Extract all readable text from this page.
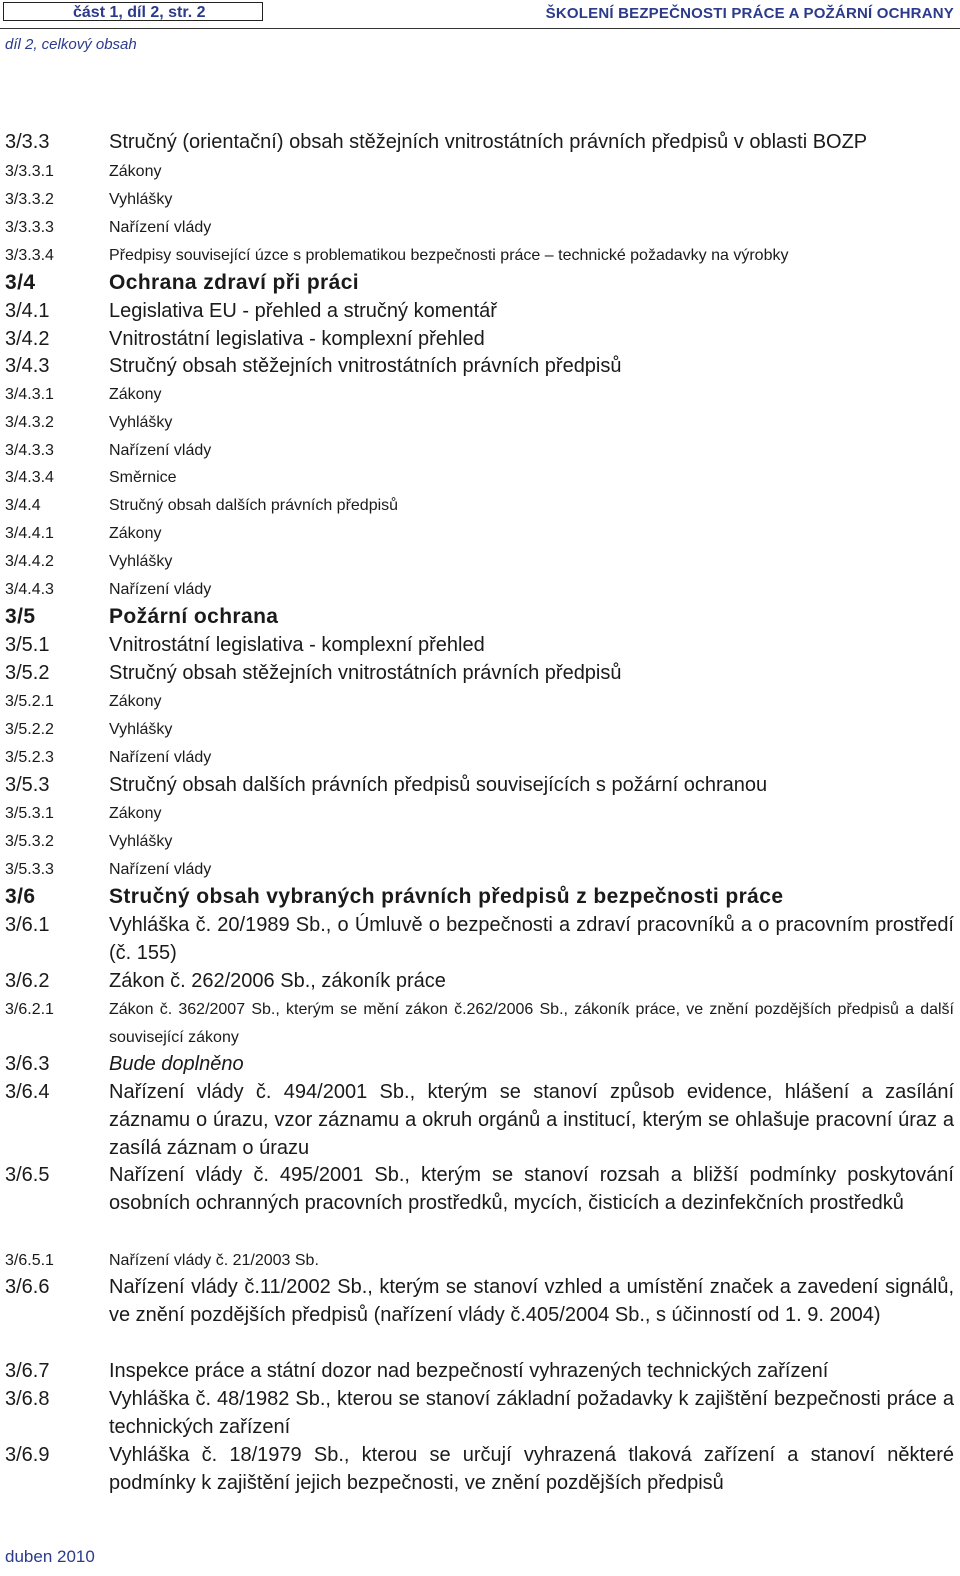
část 1, díl 2, str. 2	ŠKOLENÍ BEZPEČNOSTI PRÁCE A POŽÁRNÍ OCHRANY
díl 2, celkový obsah
3/3.3	Stručný (orientační) obsah stěžejních vnitrostátních právních předpisů v oblasti BOZP
3/3.3.1	Zákony
3/3.3.2	Vyhlášky
3/3.3.3	Nařízení vlády
3/3.3.4	Předpisy související úzce s problematikou bezpečnosti práce – technické požadavky na výrobky
3/4	Ochrana zdraví při práci
3/4.1	Legislativa EU - přehled a stručný komentář
3/4.2	Vnitrostátní legislativa - komplexní přehled
3/4.3	Stručný obsah stěžejních vnitrostátních právních předpisů
3/4.3.1	Zákony
3/4.3.2	Vyhlášky
3/4.3.3	Nařízení vlády
3/4.3.4	Směrnice
3/4.4	Stručný obsah dalších právních předpisů
3/4.4.1	Zákony
3/4.4.2	Vyhlášky
3/4.4.3	Nařízení vlády
3/5	Požární ochrana
3/5.1	Vnitrostátní legislativa - komplexní přehled
3/5.2	Stručný obsah stěžejních vnitrostátních právních předpisů
3/5.2.1	Zákony
3/5.2.2	Vyhlášky
3/5.2.3	Nařízení vlády
3/5.3	Stručný obsah dalších právních předpisů souvisejících s požární ochranou
3/5.3.1	Zákony
3/5.3.2	Vyhlášky
3/5.3.3	Nařízení vlády
3/6	Stručný obsah vybraných právních předpisů z bezpečnosti práce
3/6.1	Vyhláška č. 20/1989 Sb., o Úmluvě o bezpečnosti a zdraví pracovníků a o pracovním prostředí (č. 155)
3/6.2	Zákon č. 262/2006 Sb., zákoník práce
3/6.2.1	Zákon č. 362/2007 Sb., kterým se mění zákon č.262/2006 Sb., zákoník práce, ve znění pozdějších předpisů a další související zákony
3/6.3	Bude doplněno
3/6.4	Nařízení vlády č. 494/2001 Sb., kterým se stanoví způsob evidence, hlášení a zasílání záznamu o úrazu, vzor záznamu a okruh orgánů a institucí, kterým se ohlašuje pracovní úraz a zasílá záznam o úrazu
3/6.5	Nařízení vlády č. 495/2001 Sb., kterým se stanoví rozsah a bližší podmínky poskytování osobních ochranných pracovních prostředků, mycích, čisticích a dezinfekčních prostředků
3/6.5.1	Nařízení vlády č. 21/2003 Sb.
3/6.6	Nařízení vlády č.11/2002 Sb., kterým se stanoví vzhled a umístění značek a zavedení signálů, ve znění pozdějších předpisů (nařízení vlády č.405/2004 Sb., s účinností od 1. 9. 2004)
3/6.7	Inspekce práce a státní dozor nad bezpečností vyhrazených technických zařízení
3/6.8	Vyhláška č. 48/1982 Sb., kterou se stanoví základní požadavky k zajištění bezpečnosti práce a technických zařízení
3/6.9	Vyhláška č. 18/1979 Sb., kterou se určují vyhrazená tlaková zařízení a stanoví některé podmínky k zajištění jejich bezpečnosti, ve znění pozdějších předpisů
duben 2010
